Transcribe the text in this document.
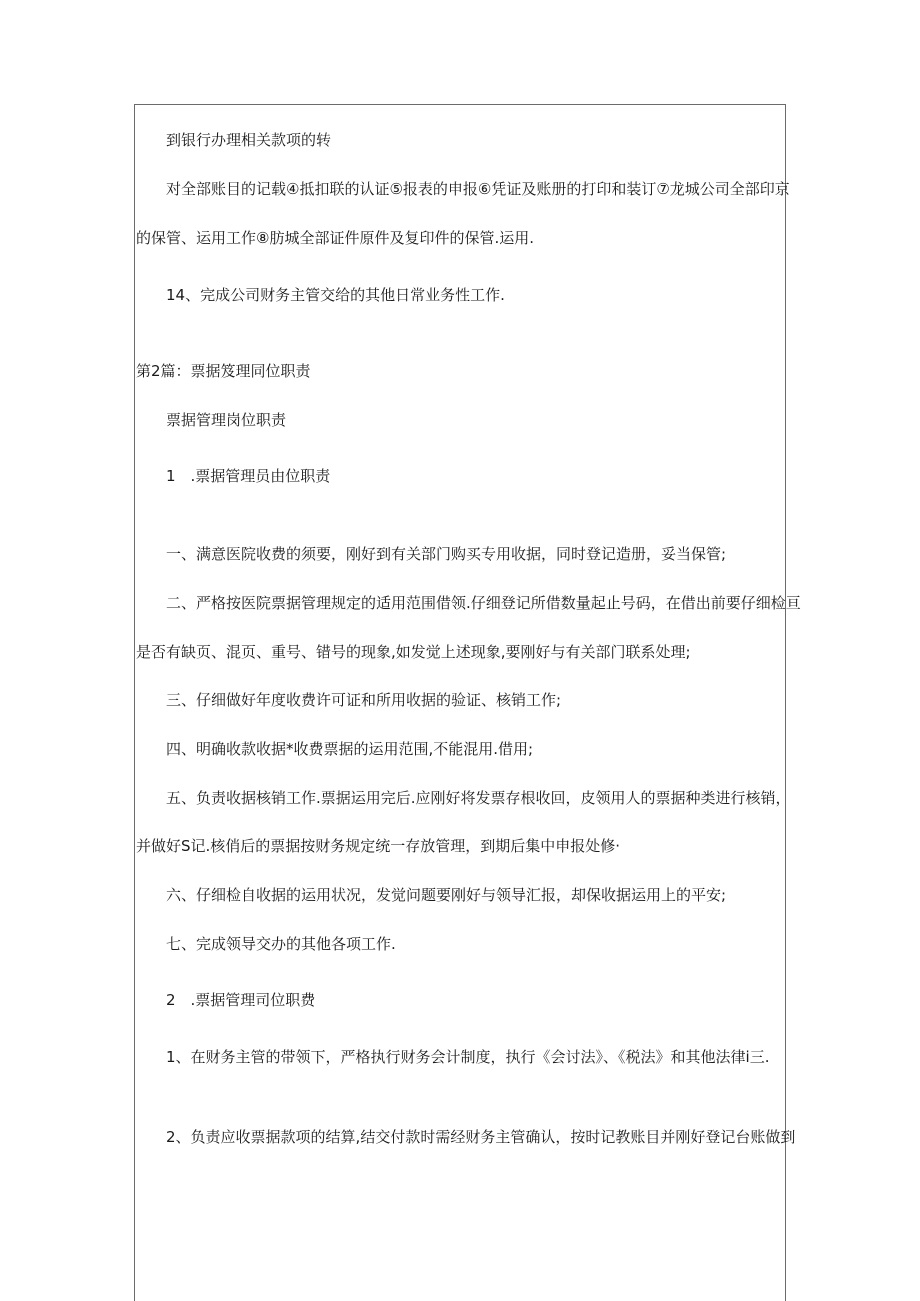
到银行办理相关款项的转
对全部账目的记载④抵扣联的认证⑤报表的申报⑥凭证及账册的打印和装订⑦龙城公司全部印京
的保管、运用工作⑧肪城全部证件原件及复印件的保管.运用.
14、完成公司财务主管交给的其他日常业务性工作.
第2篇：票据笈理同位职责
票据管理岗位职责
1　.票据管理员由位职责
一、满意医院收费的须要，刚好到有关部门购买专用收据，同时登记造册，妥当保管;
二、严格按医院票据管理规定的适用范围借领.仔细登记所借数量起止号码，在借出前要仔细检亘
是否有缺页、混页、重号、错号的现象,如发觉上述现象,要刚好与有关部门联系处理;
三、仔细做好年度收费许可证和所用收据的验证、核销工作;
四、明确收款收据*收费票据的运用范围,不能混用.借用;
五、负责收据核销工作.票据运用完后.应刚好将发票存根收回，皮领用人的票据种类进行核销，
并做好S记.核俏后的票据按财务规定统一存放管理，到期后集中申报处修·
六、仔细检自收据的运用状况，发觉问题要刚好与领导汇报，却保收据运用上的平安;
七、完成领导交办的其他各项工作.
2　.票据管理司位职费
1、在财务主管的带领下，严格执行财务会计制度，执行《会讨法》、《税法》和其他法律i三.
2、负责应收票据款项的结算,结交付款时需经财务主管确认，按时记教账目并刚好登记台账做到
